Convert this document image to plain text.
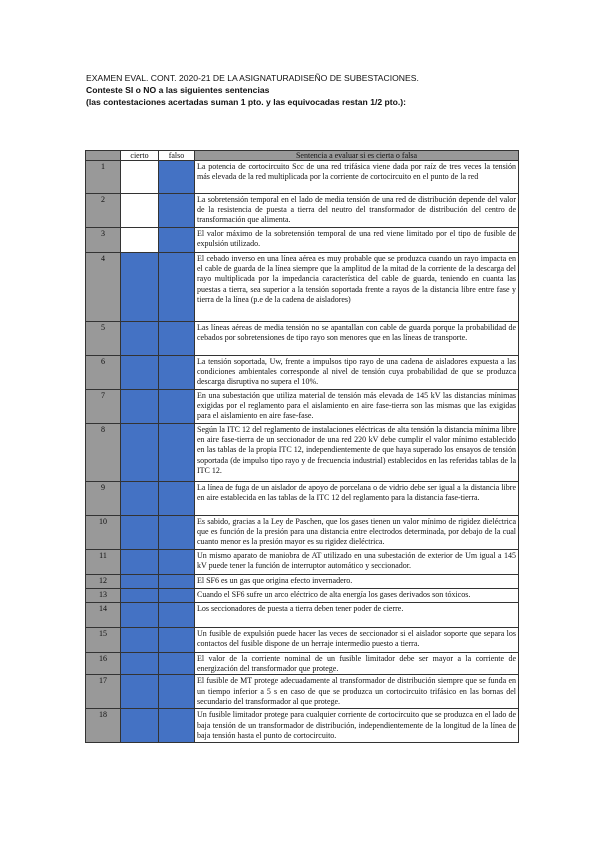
EXAMEN EVAL. CONT. 2020-21 DE LA ASIGNATURADISEÑO DE SUBESTACIONES.
Conteste SI o NO a las siguientes sentencias
(las contestaciones acertadas suman 1 pto. y las equivocadas restan 1/2 pto.):
	cierto	falso	Sentencia a evaluar si es cierta o falsa
1			La potencia de cortocircuito Scc de una red trifásica viene dada por raíz de tres veces la tensión más elevada de la red multiplicada por la corriente de cortocircuito en el punto de la red
2			La sobretensión temporal en el lado de media tensión de una red de distribución depende del valor de la resistencia de puesta a tierra del neutro del transformador de distribución del centro de transformación que alimenta.
3			El valor máximo de la sobretensión temporal de una red viene limitado por el tipo de fusible de expulsión utilizado.
4			El cebado inverso en una línea aérea es muy probable que se produzca cuando un rayo impacta en el cable de guarda de la línea siempre que la amplitud de la mitad de la corriente de la descarga del rayo multiplicada por la impedancia característica del cable de guarda, teniendo en cuanta las puestas a tierra, sea superior a la tensión soportada frente a rayos de la distancia libre entre fase y tierra de la línea (p.e de la cadena de aisladores)
5			Las líneas aéreas de media tensión no se apantallan con cable de guarda porque la probabilidad de cebados por sobretensiones de tipo rayo son menores que en las líneas de transporte.
6			La tensión soportada, Uw, frente a impulsos tipo rayo de una cadena de aisladores expuesta a las condiciones ambientales corresponde al nivel de tensión cuya probabilidad de que se produzca descarga disruptiva no supera el 10%.
7			En una subestación que utiliza material de tensión más elevada de 145 kV las distancias mínimas exigidas por el reglamento para el aislamiento en aire fase-tierra son las mismas que las exigidas para el aislamiento en aire fase-fase.
8			Según la ITC 12 del reglamento de instalaciones eléctricas de alta tensión la distancia mínima libre en aire fase-tierra de un seccionador de una red 220 kV debe cumplir el valor mínimo establecido en las tablas de la propia ITC 12, independientemente de que haya superado los ensayos de tensión soportada (de impulso tipo rayo y de frecuencia industrial) establecidos en las referidas tablas de la ITC 12.
9			La línea de fuga de un aislador de apoyo de porcelana o de vidrio debe ser igual a la distancia libre en aire establecida en las tablas de la ITC 12 del reglamento para la distancia fase-tierra.
10			Es sabido, gracias a la Ley de Paschen, que los gases tienen un valor mínimo de rigidez dieléctrica que es función de la presión para una distancia entre electrodos determinada, por debajo de la cual cuanto menor es la presión mayor es su rigidez dieléctrica.
11			Un mismo aparato de maniobra de AT utilizado en una subestación de exterior de Um igual a 145 kV puede tener la función de interruptor automático y seccionador.
12			El SF6 es un gas que origina efecto invernadero.
13			Cuando el SF6 sufre un arco eléctrico de alta energía los gases derivados son tóxicos.
14			Los seccionadores de puesta a tierra deben tener poder de cierre.
15			Un fusible de expulsión puede hacer las veces de seccionador si el aislador soporte que separa los contactos del fusible dispone de un herraje intermedio puesto a tierra.
16			El valor de la corriente nominal de un fusible limitador debe ser mayor a la corriente de energización del transformador que protege.
17			El fusible de MT protege adecuadamente al transformador de distribución siempre que se funda en un tiempo inferior a 5 s en caso de que se produzca un cortocircuito trifásico en las bornas del secundario del transformador al que protege.
18			Un fusible limitador protege para cualquier corriente de cortocircuito que se produzca en el lado de baja tensión de un transformador de distribución, independientemente de la longitud de la línea de baja tensión hasta el punto de cortocircuito.
